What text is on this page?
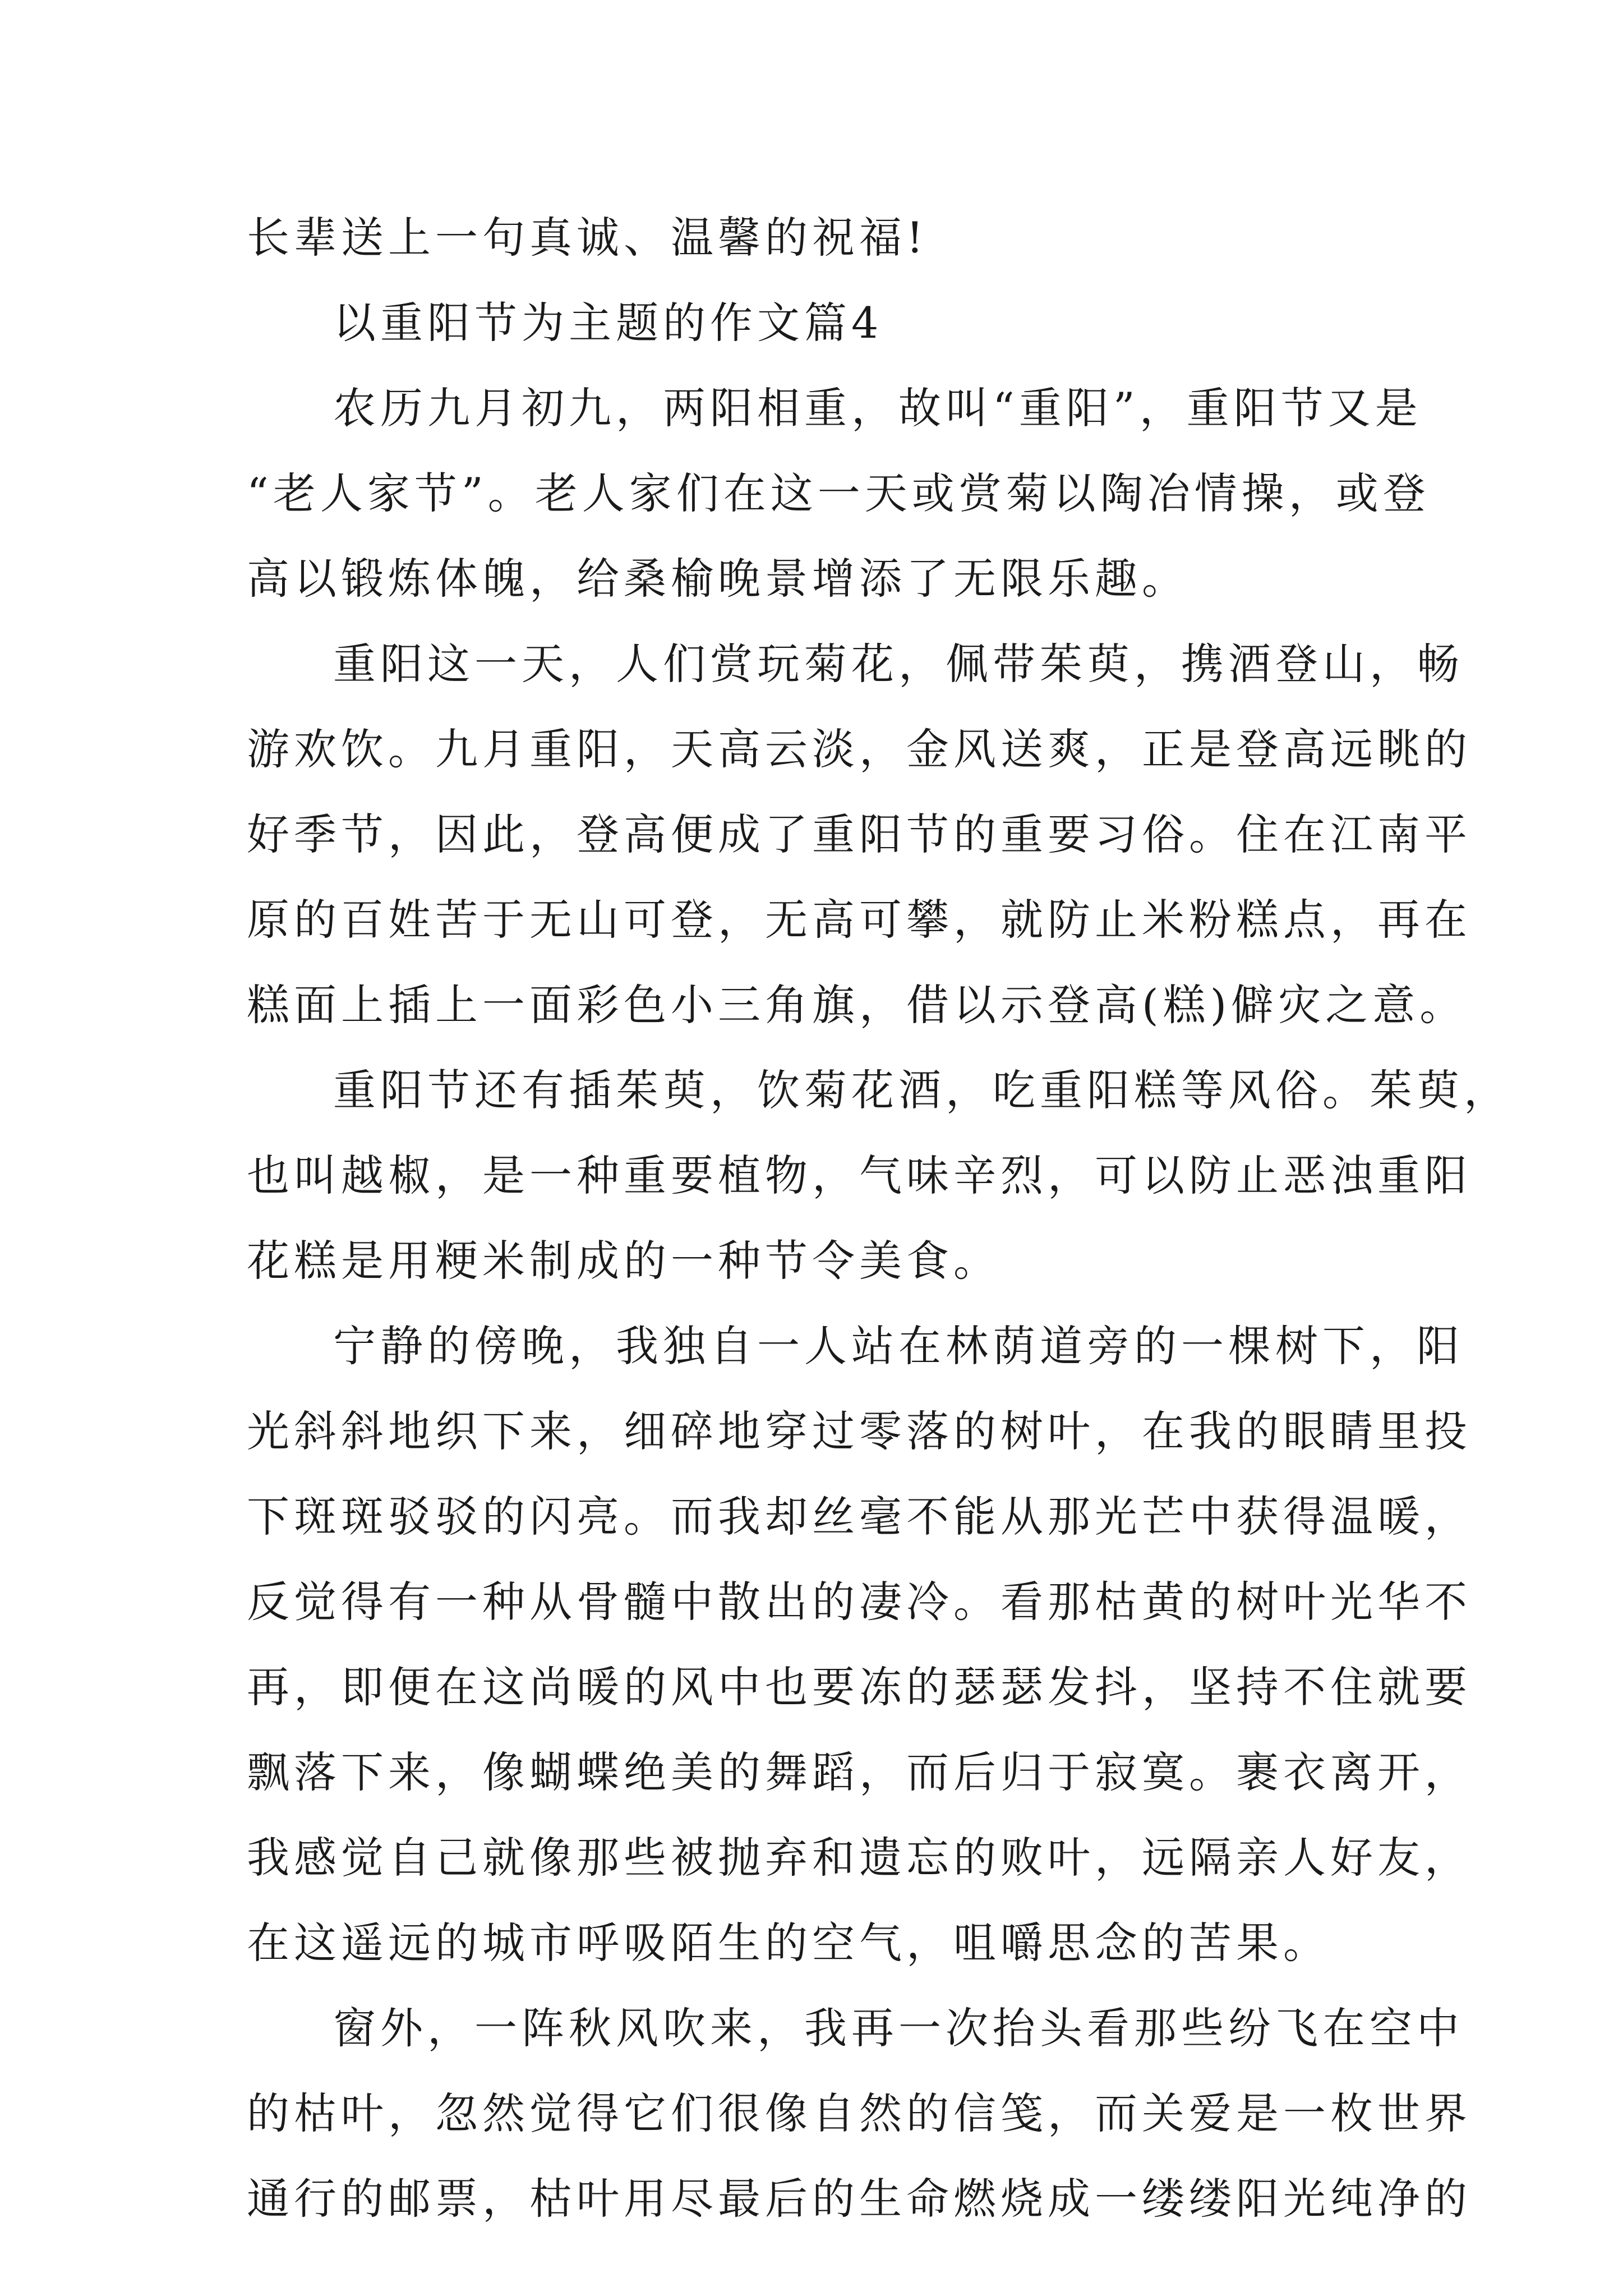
长辈送上一句真诚、温馨的祝福!
以重阳节为主题的作文篇4
农历九月初九，两阳相重，故叫“重阳”，重阳节又是
“老人家节”。老人家们在这一天或赏菊以陶冶情操，或登
高以锻炼体魄，给桑榆晚景增添了无限乐趣。
重阳这一天，人们赏玩菊花，佩带茱萸，携酒登山，畅
游欢饮。九月重阳，天高云淡，金风送爽，正是登高远眺的
好季节，因此，登高便成了重阳节的重要习俗。住在江南平
原的百姓苦于无山可登，无高可攀，就防止米粉糕点，再在
糕面上插上一面彩色小三角旗，借以示登高(糕)僻灾之意。
重阳节还有插茱萸，饮菊花酒，吃重阳糕等风俗。茱萸，
也叫越椒，是一种重要植物，气味辛烈，可以防止恶浊重阳
花糕是用粳米制成的一种节令美食。
宁静的傍晚，我独自一人站在林荫道旁的一棵树下，阳
光斜斜地织下来，细碎地穿过零落的树叶，在我的眼睛里投
下斑斑驳驳的闪亮。而我却丝毫不能从那光芒中获得温暖，
反觉得有一种从骨髓中散出的凄冷。看那枯黄的树叶光华不
再，即便在这尚暖的风中也要冻的瑟瑟发抖，坚持不住就要
飘落下来，像蝴蝶绝美的舞蹈，而后归于寂寞。裹衣离开，
我感觉自己就像那些被抛弃和遗忘的败叶，远隔亲人好友，
在这遥远的城市呼吸陌生的空气，咀嚼思念的苦果。
窗外，一阵秋风吹来，我再一次抬头看那些纷飞在空中
的枯叶，忽然觉得它们很像自然的信笺，而关爱是一枚世界
通行的邮票，枯叶用尽最后的生命燃烧成一缕缕阳光纯净的
